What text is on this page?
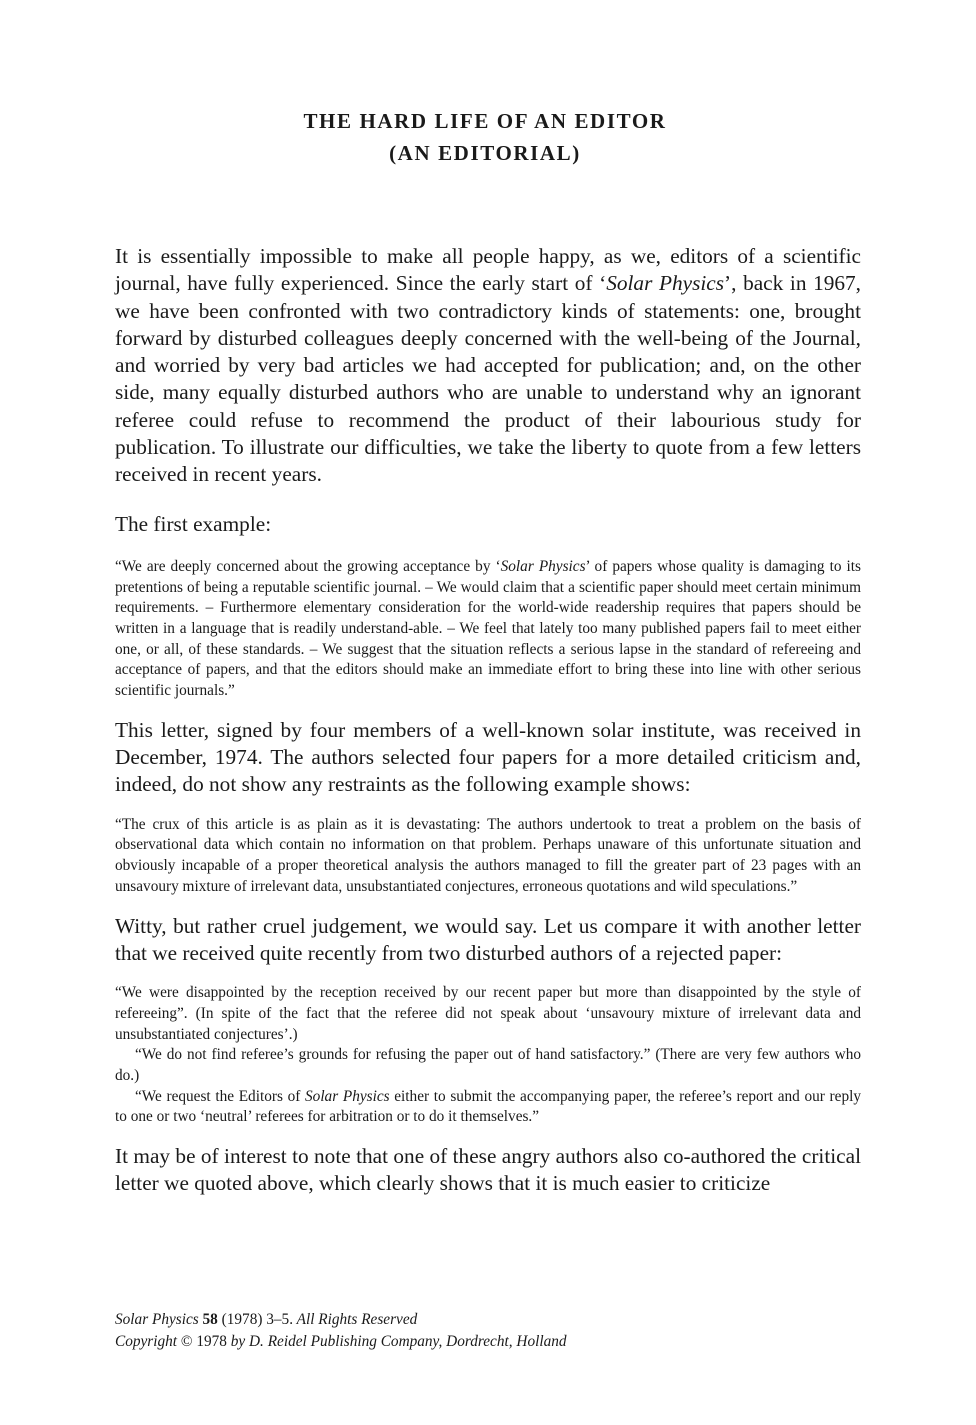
THE HARD LIFE OF AN EDITOR
(AN EDITORIAL)

It is essentially impossible to make all people happy, as we, editors of a scientific journal, have fully experienced. Since the early start of ‘Solar Physics’, back in 1967, we have been confronted with two contradictory kinds of statements: one, brought forward by disturbed colleagues deeply concerned with the well-being of the Journal, and worried by very bad articles we had accepted for publication; and, on the other side, many equally disturbed authors who are unable to understand why an ignorant referee could refuse to recommend the product of their labourious study for publication. To illustrate our difficulties, we take the liberty to quote from a few letters received in recent years.

The first example:

“We are deeply concerned about the growing acceptance by ‘Solar Physics’ of papers whose quality is damaging to its pretentions of being a reputable scientific journal. – We would claim that a scientific paper should meet certain minimum requirements. – Furthermore elementary consideration for the world-wide readership requires that papers should be written in a language that is readily understand-able. – We feel that lately too many published papers fail to meet either one, or all, of these standards. – We suggest that the situation reflects a serious lapse in the standard of refereeing and acceptance of papers, and that the editors should make an immediate effort to bring these into line with other serious scientific journals.”

This letter, signed by four members of a well-known solar institute, was received in December, 1974. The authors selected four papers for a more detailed criticism and, indeed, do not show any restraints as the following example shows:

“The crux of this article is as plain as it is devastating: The authors undertook to treat a problem on the basis of observational data which contain no information on that problem. Perhaps unaware of this unfortunate situation and obviously incapable of a proper theoretical analysis the authors managed to fill the greater part of 23 pages with an unsavoury mixture of irrelevant data, unsubstantiated conjectures, erroneous quotations and wild speculations.”

Witty, but rather cruel judgement, we would say. Let us compare it with another letter that we received quite recently from two disturbed authors of a rejected paper:

“We were disappointed by the reception received by our recent paper but more than disappointed by the style of refereeing”. (In spite of the fact that the referee did not speak about ‘unsavoury mixture of irrelevant data and unsubstantiated conjectures’.)

“We do not find referee’s grounds for refusing the paper out of hand satisfactory.” (There are very few authors who do.)

“We request the Editors of Solar Physics either to submit the accompanying paper, the referee’s report and our reply to one or two ‘neutral’ referees for arbitration or to do it themselves.”

It may be of interest to note that one of these angry authors also co-authored the critical letter we quoted above, which clearly shows that it is much easier to criticize

Solar Physics 58 (1978) 3–5. All Rights Reserved
Copyright © 1978 by D. Reidel Publishing Company, Dordrecht, Holland
